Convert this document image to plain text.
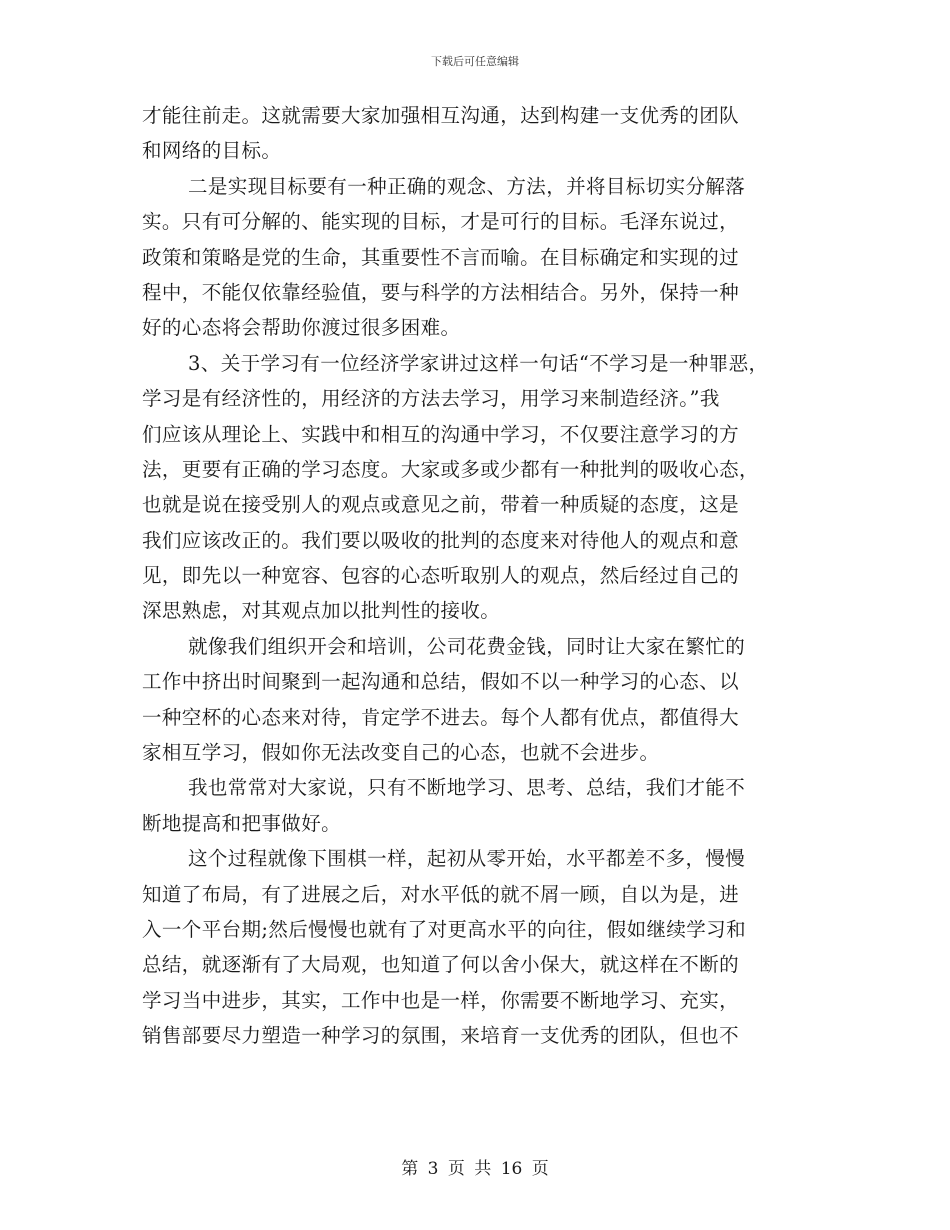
下载后可任意编辑
才能往前走。这就需要大家加强相互沟通，达到构建一支优秀的团队
和网络的目标。
二是实现目标要有一种正确的观念、方法，并将目标切实分解落
实。只有可分解的、能实现的目标，才是可行的目标。毛泽东说过，
政策和策略是党的生命，其重要性不言而喻。在目标确定和实现的过
程中，不能仅依靠经验值，要与科学的方法相结合。另外，保持一种
好的心态将会帮助你渡过很多困难。
3、关于学习有一位经济学家讲过这样一句话“不学习是一种罪恶，
学习是有经济性的，用经济的方法去学习，用学习来制造经济。”我
们应该从理论上、实践中和相互的沟通中学习，不仅要注意学习的方
法，更要有正确的学习态度。大家或多或少都有一种批判的吸收心态，
也就是说在接受别人的观点或意见之前，带着一种质疑的态度，这是
我们应该改正的。我们要以吸收的批判的态度来对待他人的观点和意
见，即先以一种宽容、包容的心态听取别人的观点，然后经过自己的
深思熟虑，对其观点加以批判性的接收。
就像我们组织开会和培训，公司花费金钱，同时让大家在繁忙的
工作中挤出时间聚到一起沟通和总结，假如不以一种学习的心态、以
一种空杯的心态来对待，肯定学不进去。每个人都有优点，都值得大
家相互学习，假如你无法改变自己的心态，也就不会进步。
我也常常对大家说，只有不断地学习、思考、总结，我们才能不
断地提高和把事做好。
这个过程就像下围棋一样，起初从零开始，水平都差不多，慢慢
知道了布局，有了进展之后，对水平低的就不屑一顾，自以为是，进
入一个平台期;然后慢慢也就有了对更高水平的向往，假如继续学习和
总结，就逐渐有了大局观，也知道了何以舍小保大，就这样在不断的
学习当中进步，其实，工作中也是一样，你需要不断地学习、充实，
销售部要尽力塑造一种学习的氛围，来培育一支优秀的团队，但也不
第 3 页 共 16 页
